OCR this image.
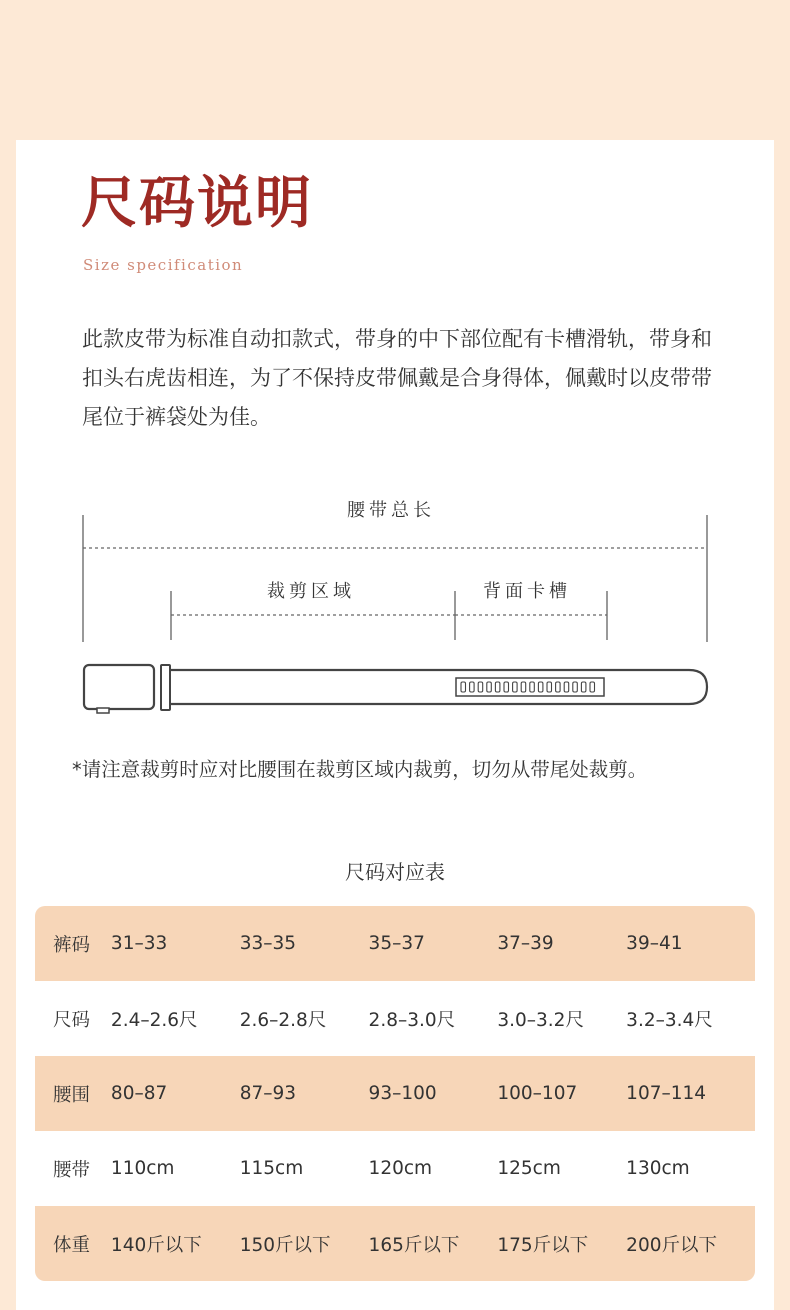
尺码说明
Size specification
此款皮带为标准自动扣款式，带身的中下部位配有卡槽滑轨，带身和扣头右虎齿相连，为了不保持皮带佩戴是合身得体，佩戴时以皮带带尾位于裤袋处为佳。
腰带总长
裁剪区域	背面卡槽
*请注意裁剪时应对比腰围在裁剪区域内裁剪，切勿从带尾处裁剪。
尺码对应表
裤码	31–33	33–35	35–37	37–39	39–41
尺码	2.4–2.6尺	2.6–2.8尺	2.8–3.0尺	3.0–3.2尺	3.2–3.4尺
腰围	80–87	87–93	93–100	100–107	107–114
腰带	110cm	115cm	120cm	125cm	130cm
体重	140斤以下	150斤以下	165斤以下	175斤以下	200斤以下
